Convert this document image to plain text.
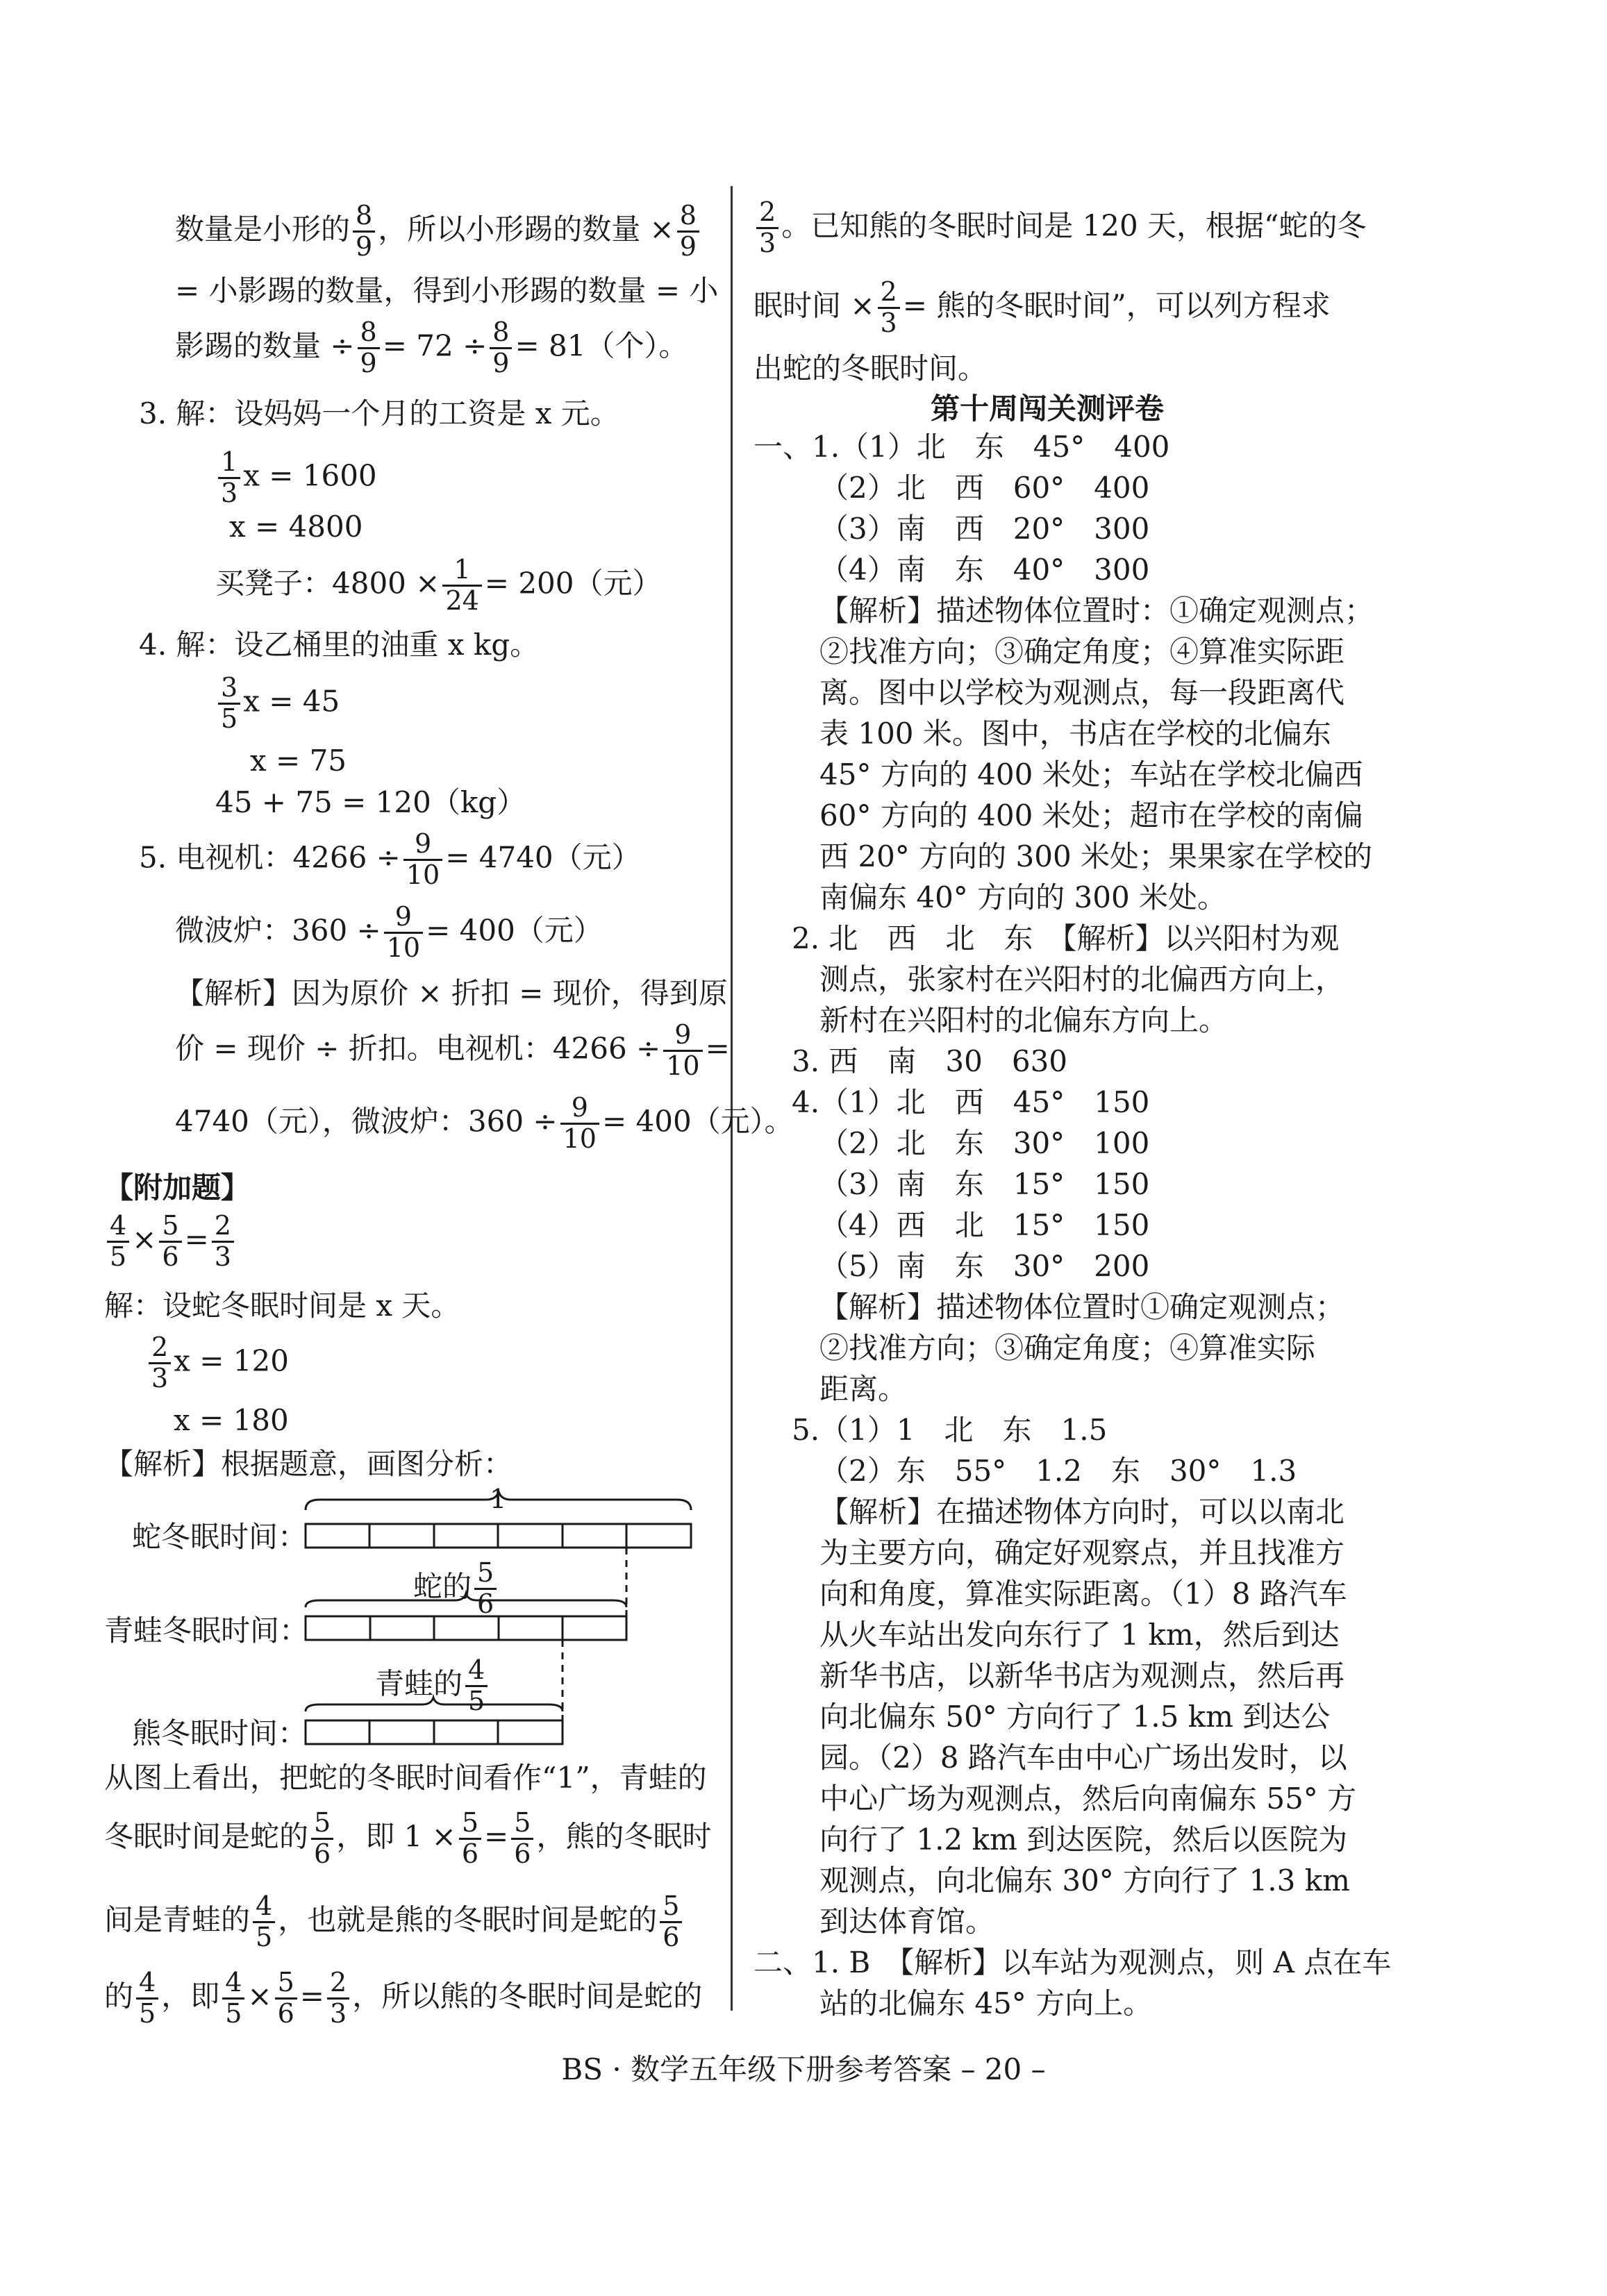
数量是小形的 $\frac{8}{9}$ ，所以小形踢的数量 × $\frac{8}{9}$
= 小影踢的数量，得到小形踢的数量 = 小
影踢的数量 ÷ $\frac{8}{9} = 72 \div \frac{8}{9} = 81$（个）。
3. 解：设妈妈一个月的工资是 x 元。
$\frac{1}{3}$ x = 1600
x = 4800
买凳子：$4800 \times \frac{1}{24} = 200$（元）
4. 解：设乙桶里的油重 x kg。
$\frac{3}{5}$ x = 45
x = 75
45 + 75 = 120（kg）
5. 电视机：$4266 \div \frac{9}{10} = 4740$（元）
微波炉：$360 \div \frac{9}{10} = 400$（元）
【解析】因为原价 × 折扣 = 现价，得到原
价 = 现价 ÷ 折扣。电视机：$4266 \div \frac{9}{10}$ =
4740（元），微波炉：$360 \div \frac{9}{10} = 400$（元）。
【附加题】
$\frac{4}{5} \times \frac{5}{6} = \frac{2}{3}$
解：设蛇冬眠时间是 x 天。
$\frac{2}{3}$ x = 120
x = 180
【解析】根据题意，画图分析：
蛇冬眠时间：
1
蛇的 $\frac{5}{6}$
青蛙冬眠时间：
青蛙的 $\frac{4}{5}$
熊冬眠时间：
从图上看出，把蛇的冬眠时间看作“1”，青蛙的
冬眠时间是蛇的 $\frac{5}{6}$ ，即 $1 \times \frac{5}{6} = \frac{5}{6}$ ，熊的冬眠时
间是青蛙的 $\frac{4}{5}$ ，也就是熊的冬眠时间是蛇的 $\frac{5}{6}$
的 $\frac{4}{5}$ ，即 $\frac{4}{5} \times \frac{5}{6} = \frac{2}{3}$ ，所以熊的冬眠时间是蛇的
$\frac{2}{3}$ 。已知熊的冬眠时间是 120 天，根据“蛇的冬
眠时间 × $\frac{2}{3}$ = 熊的冬眠时间”，可以列方程求
出蛇的冬眠时间。
第十周闯关测评卷
一、1.（1）北　东　45°　400
（2）北　西　60°　400
（3）南　西　20°　300
（4）南　东　40°　300
【解析】描述物体位置时：①确定观测点；
②找准方向；③确定角度；④算准实际距
离。图中以学校为观测点，每一段距离代
表 100 米。图中，书店在学校的北偏东
45° 方向的 400 米处；车站在学校北偏西
60° 方向的 400 米处；超市在学校的南偏
西 20° 方向的 300 米处；果果家在学校的
南偏东 40° 方向的 300 米处。
2. 北　西　北　东　【解析】以兴阳村为观
测点，张家村在兴阳村的北偏西方向上，
新村在兴阳村的北偏东方向上。
3. 西　南　30　630
4.（1）北　西　45°　150
（2）北　东　30°　100
（3）南　东　15°　150
（4）西　北　15°　150
（5）南　东　30°　200
【解析】描述物体位置时①确定观测点；
②找准方向；③确定角度；④算准实际
距离。
5.（1）1　北　东　1.5
（2）东　55°　1.2　东　30°　1.3
【解析】在描述物体方向时，可以以南北
为主要方向，确定好观察点，并且找准方
向和角度，算准实际距离。（1）8 路汽车
从火车站出发向东行了 1 km，然后到达
新华书店，以新华书店为观测点，然后再
向北偏东 50° 方向行了 1.5 km 到达公
园。（2）8 路汽车由中心广场出发时，以
中心广场为观测点，然后向南偏东 55° 方
向行了 1.2 km 到达医院，然后以医院为
观测点，向北偏东 30° 方向行了 1.3 km
到达体育馆。
二、1. B　【解析】以车站为观测点，则 A 点在车
站的北偏东 45° 方向上。
BS · 数学五年级下册参考答案 – 20 –
